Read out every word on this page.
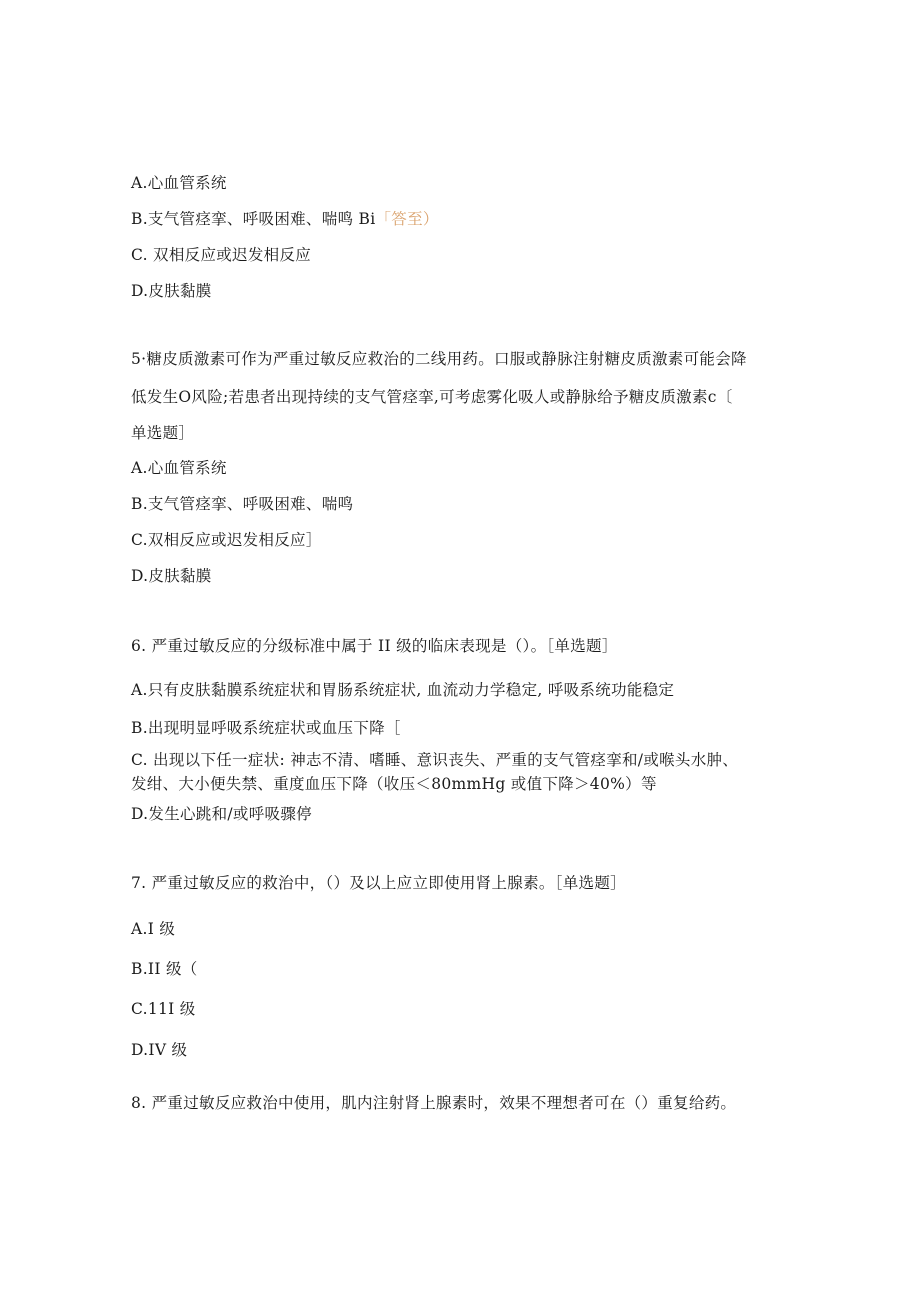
A.心血管系统
B.支气管痉挛、呼吸困难、喘鸣 Bi「答至）
C. 双相反应或迟发相反应
D.皮肤黏膜
5·糖皮质激素可作为严重过敏反应救治的二线用药。口服或静脉注射糖皮质激素可能会降
低发生O风险;若患者出现持续的支气管痉挛,可考虑雾化吸人或静脉给予糖皮质激素c〔
单选题］
A.心血管系统
B.支气管痉挛、呼吸困难、喘鸣
C.双相反应或迟发相反应］
D.皮肤黏膜
6. 严重过敏反应的分级标准中属于 II 级的临床表现是（）。［单选题］
A.只有皮肤黏膜系统症状和胃肠系统症状, 血流动力学稳定, 呼吸系统功能稳定
B.出现明显呼吸系统症状或血压下降［
C. 出现以下任一症状: 神志不清、嗜睡、意识丧失、严重的支气管痉挛和/或喉头水肿、
发绀、大小便失禁、重度血压下降（收压＜80mmHg 或值下降＞40%）等
D.发生心跳和/或呼吸骤停
7. 严重过敏反应的救治中，（）及以上应立即使用肾上腺素。［单选题］
A.I 级
B.II 级（
C.11I 级
D.IV 级
8. 严重过敏反应救治中使用，肌内注射肾上腺素时，效果不理想者可在（）重复给药。
